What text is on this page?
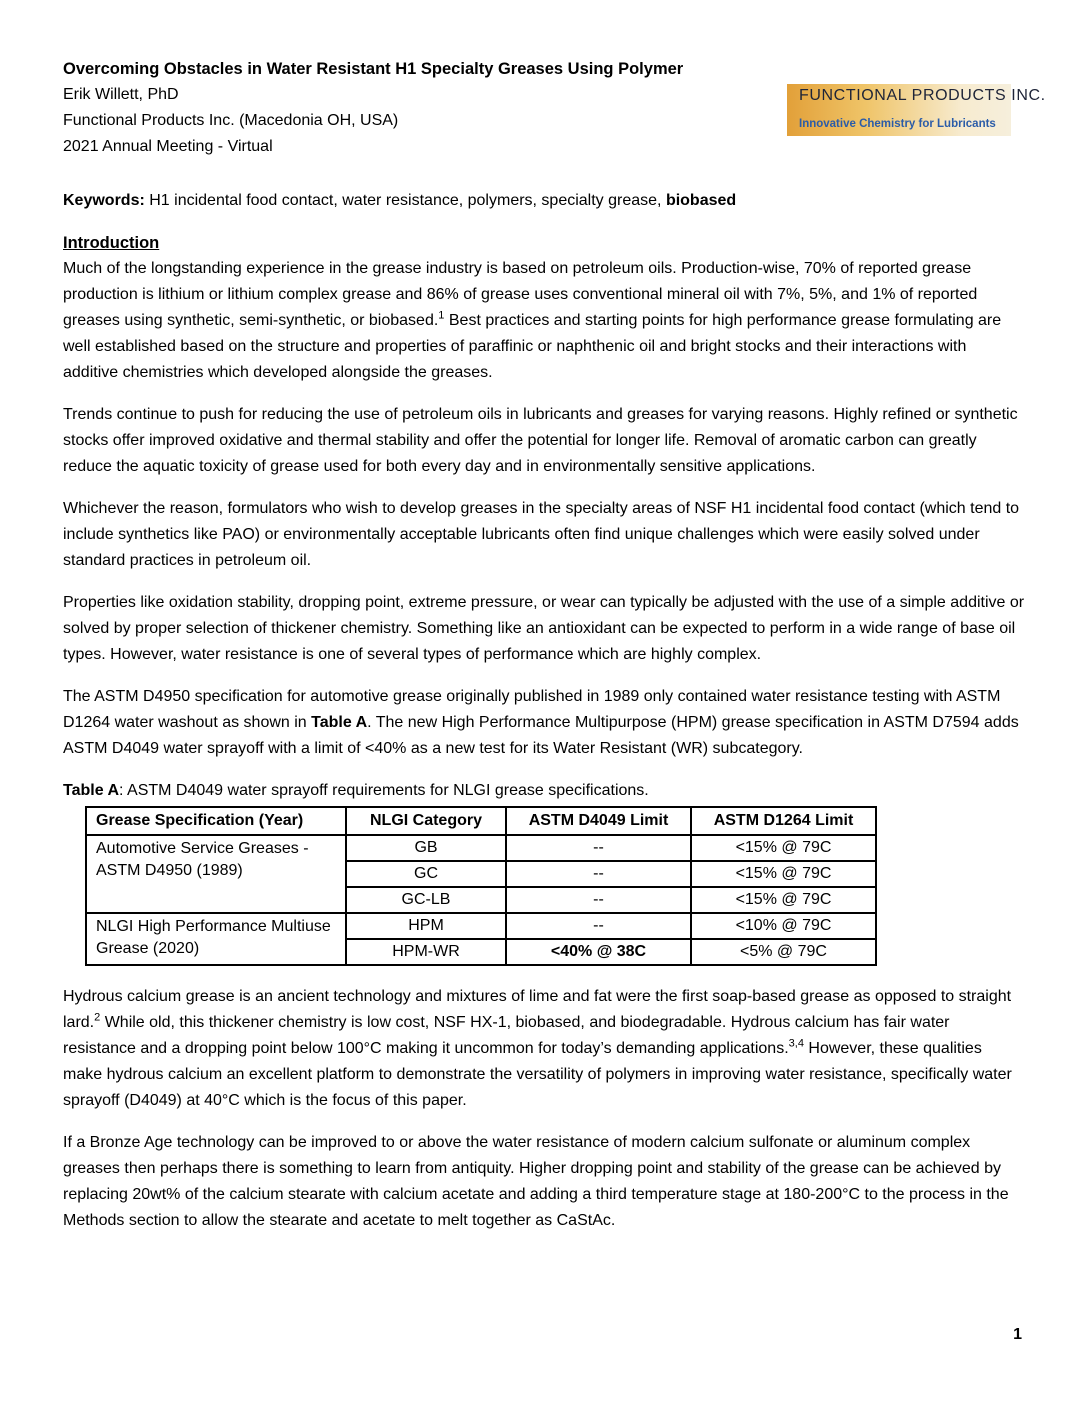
Overcoming Obstacles in Water Resistant H1 Specialty Greases Using Polymer
Erik Willett, PhD
Functional Products Inc. (Macedonia OH, USA)
2021 Annual Meeting - Virtual
FUNCTIONAL PRODUCTS INC.
Innovative Chemistry for Lubricants
Keywords: H1 incidental food contact, water resistance, polymers, specialty grease, biobased
Introduction

Much of the longstanding experience in the grease industry is based on petroleum oils. Production-wise, 70% of reported grease production is lithium or lithium complex grease and 86% of grease uses conventional mineral oil with 7%, 5%, and 1% of reported greases using synthetic, semi-synthetic, or biobased.$^1$ Best practices and starting points for high performance grease formulating are well established based on the structure and properties of paraffinic or naphthenic oil and bright stocks and their interactions with additive chemistries which developed alongside the greases.

Trends continue to push for reducing the use of petroleum oils in lubricants and greases for varying reasons. Highly refined or synthetic stocks offer improved oxidative and thermal stability and offer the potential for longer life. Removal of aromatic carbon can greatly reduce the aquatic toxicity of grease used for both every day and in environmentally sensitive applications.

Whichever the reason, formulators who wish to develop greases in the specialty areas of NSF H1 incidental food contact (which tend to include synthetics like PAO) or environmentally acceptable lubricants often find unique challenges which were easily solved under standard practices in petroleum oil.

Properties like oxidation stability, dropping point, extreme pressure, or wear can typically be adjusted with the use of a simple additive or solved by proper selection of thickener chemistry. Something like an antioxidant can be expected to perform in a wide range of base oil types. However, water resistance is one of several types of performance which are highly complex.

The ASTM D4950 specification for automotive grease originally published in 1989 only contained water resistance testing with ASTM D1264 water washout as shown in Table A. The new High Performance Multipurpose (HPM) grease specification in ASTM D7594 adds ASTM D4049 water sprayoff with a limit of <40% as a new test for its Water Resistant (WR) subcategory.

Table A: ASTM D4049 water sprayoff requirements for NLGI grease specifications.
Grease Specification (Year)	NLGI Category	ASTM D4049 Limit	ASTM D1264 Limit
Automotive Service Greases - ASTM D4950 (1989)	GB	--	<15% @ 79C
	GC	--	<15% @ 79C
	GC-LB	--	<15% @ 79C
NLGI High Performance Multiuse Grease (2020)	HPM	--	<10% @ 79C
	HPM-WR	<40% @ 38C	<5% @ 79C

Hydrous calcium grease is an ancient technology and mixtures of lime and fat were the first soap-based grease as opposed to straight lard.$^2$ While old, this thickener chemistry is low cost, NSF HX-1, biobased, and biodegradable. Hydrous calcium has fair water resistance and a dropping point below 100°C making it uncommon for today’s demanding applications.$^{3,4}$ However, these qualities make hydrous calcium an excellent platform to demonstrate the versatility of polymers in improving water resistance, specifically water sprayoff (D4049) at 40°C which is the focus of this paper.

If a Bronze Age technology can be improved to or above the water resistance of modern calcium sulfonate or aluminum complex greases then perhaps there is something to learn from antiquity. Higher dropping point and stability of the grease can be achieved by replacing 20wt% of the calcium stearate with calcium acetate and adding a third temperature stage at 180-200°C to the process in the Methods section to allow the stearate and acetate to melt together as CaStAc.

1
